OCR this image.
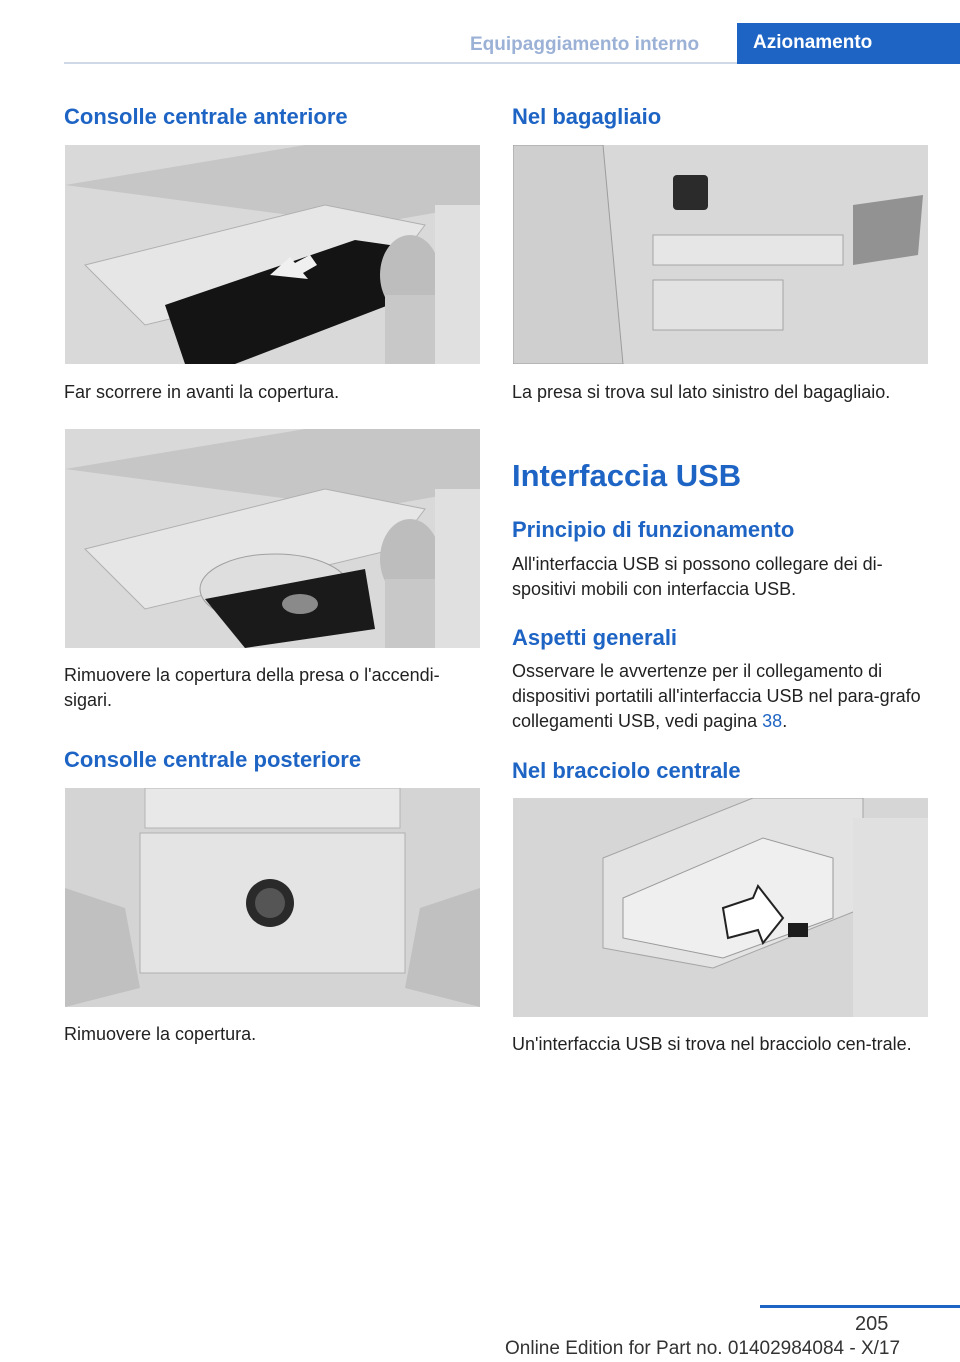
Equipaggiamento interno	Azionamento
Consolle centrale anteriore
Far scorrere in avanti la copertura.
Rimuovere la copertura della presa o l'accendi-sigari.
Consolle centrale posteriore
Rimuovere la copertura.
Nel bagagliaio
La presa si trova sul lato sinistro del bagagliaio.
Interfaccia USB
Principio di funzionamento
All'interfaccia USB si possono collegare dei di-spositivi mobili con interfaccia USB.
Aspetti generali
Osservare le avvertenze per il collegamento di dispositivi portatili all'interfaccia USB nel para-grafo collegamenti USB, vedi pagina 38.
Nel bracciolo centrale
Un'interfaccia USB si trova nel bracciolo cen-trale.
205
Online Edition for Part no. 01402984084 - X/17
